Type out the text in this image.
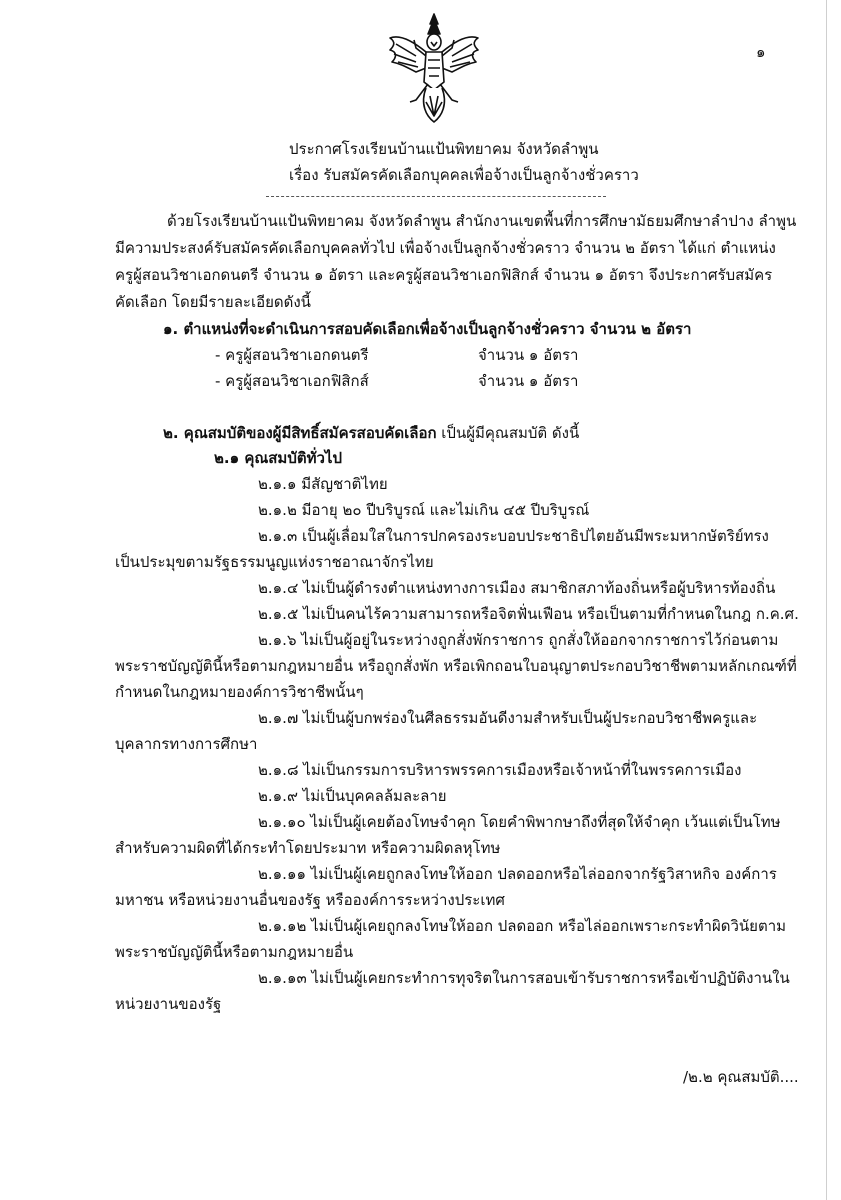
๑
ประกาศโรงเรียนบ้านแป้นพิทยาคม จังหวัดลำพูน
เรื่อง รับสมัครคัดเลือกบุคคลเพื่อจ้างเป็นลูกจ้างชั่วคราว
ด้วยโรงเรียนบ้านแป้นพิทยาคม จังหวัดลำพูน สำนักงานเขตพื้นที่การศึกษามัธยมศึกษาลำปาง ลำพูน
มีความประสงค์รับสมัครคัดเลือกบุคคลทั่วไป เพื่อจ้างเป็นลูกจ้างชั่วคราว จำนวน ๒ อัตรา ได้แก่ ตำแหน่ง
ครูผู้สอนวิชาเอกดนตรี จำนวน ๑ อัตรา และครูผู้สอนวิชาเอกฟิสิกส์ จำนวน ๑ อัตรา จึงประกาศรับสมัคร
คัดเลือก โดยมีรายละเอียดดังนี้
๑. ตำแหน่งที่จะดำเนินการสอบคัดเลือกเพื่อจ้างเป็นลูกจ้างชั่วคราว จำนวน ๒ อัตรา
- ครูผู้สอนวิชาเอกดนตรี	จำนวน ๑ อัตรา
- ครูผู้สอนวิชาเอกฟิสิกส์	จำนวน ๑ อัตรา
๒. คุณสมบัติของผู้มีสิทธิ์สมัครสอบคัดเลือก เป็นผู้มีคุณสมบัติ ดังนี้
๒.๑ คุณสมบัติทั่วไป
๒.๑.๑ มีสัญชาติไทย
๒.๑.๒ มีอายุ ๒๐ ปีบริบูรณ์ และไม่เกิน ๔๕ ปีบริบูรณ์
๒.๑.๓ เป็นผู้เลื่อมใสในการปกครองระบอบประชาธิปไตยอันมีพระมหากษัตริย์ทรง
เป็นประมุขตามรัฐธรรมนูญแห่งราชอาณาจักรไทย
๒.๑.๔ ไม่เป็นผู้ดำรงตำแหน่งทางการเมือง สมาชิกสภาท้องถิ่นหรือผู้บริหารท้องถิ่น
๒.๑.๕ ไม่เป็นคนไร้ความสามารถหรือจิตฟั่นเฟือน หรือเป็นตามที่กำหนดในกฎ ก.ค.ศ.
๒.๑.๖ ไม่เป็นผู้อยู่ในระหว่างถูกสั่งพักราชการ ถูกสั่งให้ออกจากราชการไว้ก่อนตาม
พระราชบัญญัตินี้หรือตามกฎหมายอื่น หรือถูกสั่งพัก หรือเพิกถอนใบอนุญาตประกอบวิชาชีพตามหลักเกณฑ์ที่
กำหนดในกฎหมายองค์การวิชาชีพนั้นๆ
๒.๑.๗ ไม่เป็นผู้บกพร่องในศีลธรรมอันดีงามสำหรับเป็นผู้ประกอบวิชาชีพครูและ
บุคลากรทางการศึกษา
๒.๑.๘ ไม่เป็นกรรมการบริหารพรรคการเมืองหรือเจ้าหน้าที่ในพรรคการเมือง
๒.๑.๙ ไม่เป็นบุคคลล้มละลาย
๒.๑.๑๐ ไม่เป็นผู้เคยต้องโทษจำคุก โดยคำพิพากษาถึงที่สุดให้จำคุก เว้นแต่เป็นโทษ
สำหรับความผิดที่ได้กระทำโดยประมาท หรือความผิดลหุโทษ
๒.๑.๑๑ ไม่เป็นผู้เคยถูกลงโทษให้ออก ปลดออกหรือไล่ออกจากรัฐวิสาหกิจ องค์การ
มหาชน หรือหน่วยงานอื่นของรัฐ หรือองค์การระหว่างประเทศ
๒.๑.๑๒ ไม่เป็นผู้เคยถูกลงโทษให้ออก ปลดออก หรือไล่ออกเพราะกระทำผิดวินัยตาม
พระราชบัญญัตินี้หรือตามกฎหมายอื่น
๒.๑.๑๓ ไม่เป็นผู้เคยกระทำการทุจริตในการสอบเข้ารับราชการหรือเข้าปฏิบัติงานใน
หน่วยงานของรัฐ
/๒.๒ คุณสมบัติ....
